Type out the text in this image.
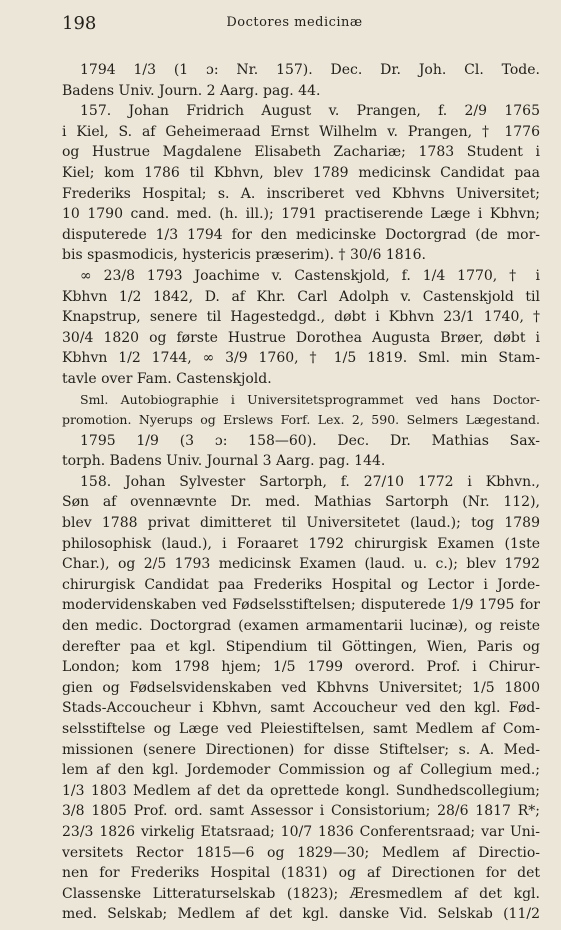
198	Doctores medicinæ
1794 1/3 (1 ɔ: Nr. 157). Dec. Dr. Joh. Cl. Tode.
Badens Univ. Journ. 2 Aarg. pag. 44.
157. Johan Fridrich August v. Prangen, f. 2/9 1765
i Kiel, S. af Geheimeraad Ernst Wilhelm v. Prangen, † 1776
og Hustrue Magdalene Elisabeth Zachariæ; 1783 Student i
Kiel; kom 1786 til Kbhvn, blev 1789 medicinsk Candidat paa
Frederiks Hospital; s. A. inscriberet ved Kbhvns Universitet;
10 1790 cand. med. (h. ill.); 1791 practiserende Læge i Kbhvn;
disputerede 1/3 1794 for den medicinske Doctorgrad (de mor-
bis spasmodicis, hystericis præserim). † 30/6 1816.
∞ 23/8 1793 Joachime v. Castenskjold, f. 1/4 1770, † i
Kbhvn 1/2 1842, D. af Khr. Carl Adolph v. Castenskjold til
Knapstrup, senere til Hagestedgd., døbt i Kbhvn 23/1 1740, †
30/4 1820 og første Hustrue Dorothea Augusta Brøer, døbt i
Kbhvn 1/2 1744, ∞ 3/9 1760, † 1/5 1819. Sml. min Stam-
tavle over Fam. Castenskjold.
Sml. Autobiographie i Universitetsprogrammet ved hans Doctor-
promotion. Nyerups og Erslews Forf. Lex. 2, 590. Selmers Lægestand.
1795 1/9 (3 ɔ: 158—60). Dec. Dr. Mathias Sax-
torph. Badens Univ. Journal 3 Aarg. pag. 144.
158. Johan Sylvester Sartorph, f. 27/10 1772 i Kbhvn.,
Søn af ovennævnte Dr. med. Mathias Sartorph (Nr. 112),
blev 1788 privat dimitteret til Universitetet (laud.); tog 1789
philosophisk (laud.), i Foraaret 1792 chirurgisk Examen (1ste
Char.), og 2/5 1793 medicinsk Examen (laud. u. c.); blev 1792
chirurgisk Candidat paa Frederiks Hospital og Lector i Jorde-
modervidenskaben ved Fødselsstiftelsen; disputerede 1/9 1795 for
den medic. Doctorgrad (examen armamentarii lucinæ), og reiste
derefter paa et kgl. Stipendium til Göttingen, Wien, Paris og
London; kom 1798 hjem; 1/5 1799 overord. Prof. i Chirur-
gien og Fødselsvidenskaben ved Kbhvns Universitet; 1/5 1800
Stads-Accoucheur i Kbhvn, samt Accoucheur ved den kgl. Fød-
selsstiftelse og Læge ved Pleiestiftelsen, samt Medlem af Com-
missionen (senere Directionen) for disse Stiftelser; s. A. Med-
lem af den kgl. Jordemoder Commission og af Collegium med.;
1/3 1803 Medlem af det da oprettede kongl. Sundhedscollegium;
3/8 1805 Prof. ord. samt Assessor i Consistorium; 28/6 1817 R*;
23/3 1826 virkelig Etatsraad; 10/7 1836 Conferentsraad; var Uni-
versitets Rector 1815—6 og 1829—30; Medlem af Directio-
nen for Frederiks Hospital (1831) og af Directionen for det
Classenske Litteraturselskab (1823); Æresmedlem af det kgl.
med. Selskab; Medlem af det kgl. danske Vid. Selskab (11/2
